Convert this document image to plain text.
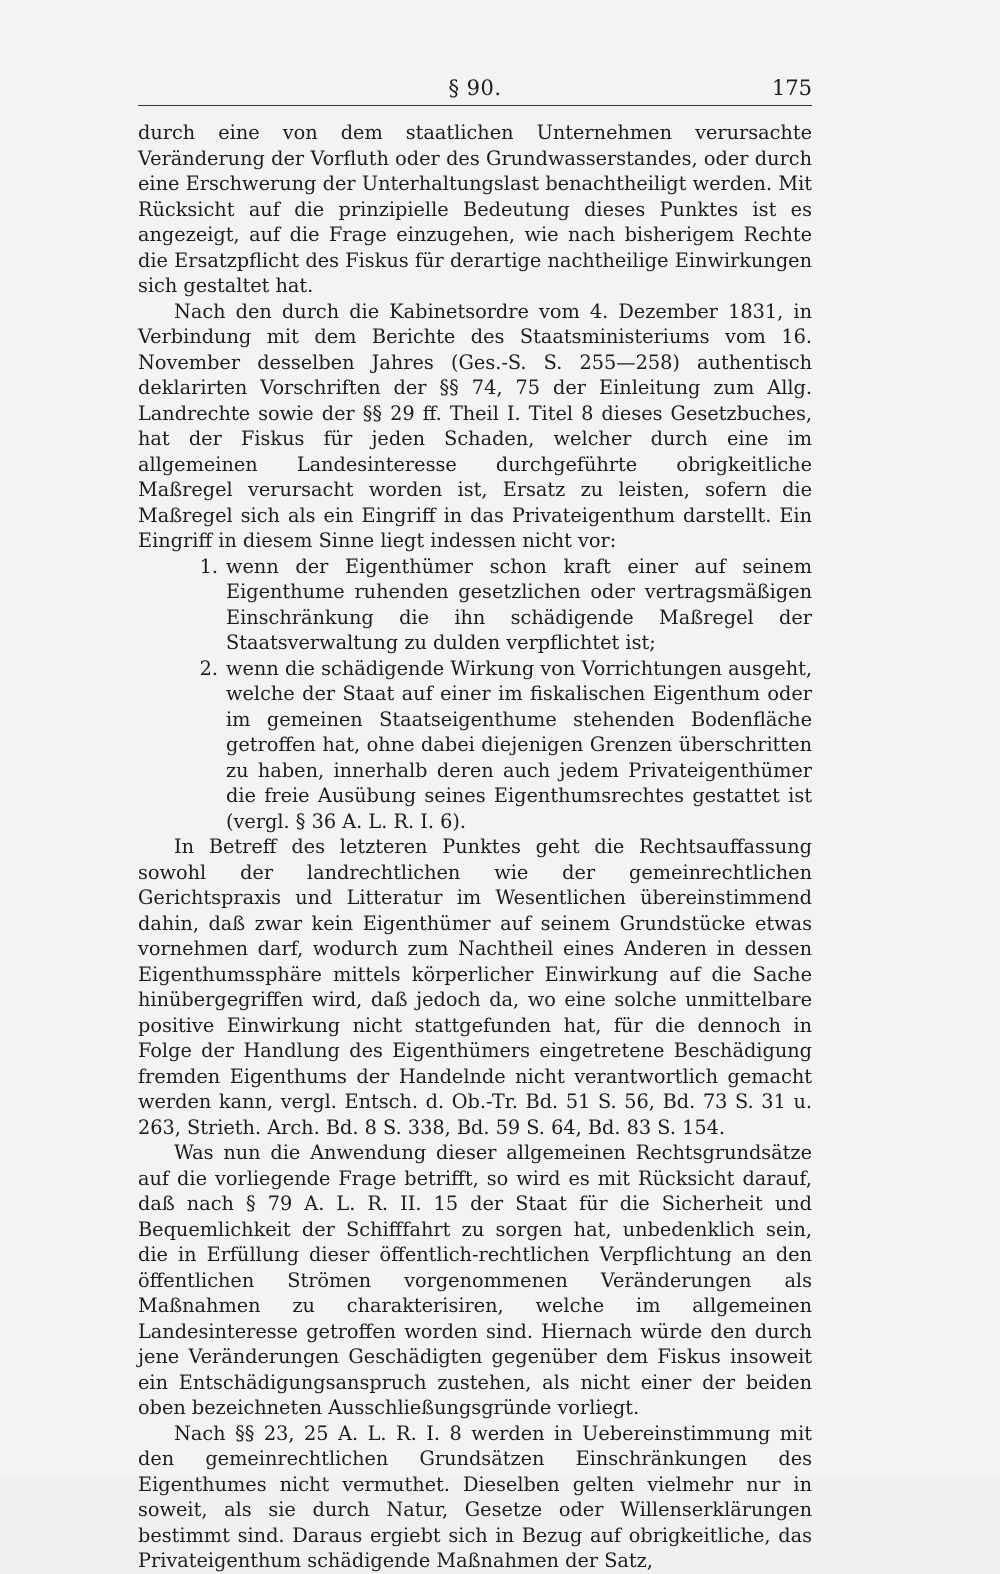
§ 90.	175

durch eine von dem staatlichen Unternehmen verursachte Veränderung der Vorfluth oder des Grundwasserstandes, oder durch eine Erschwerung der Unterhaltungslast benachtheiligt werden. Mit Rücksicht auf die prinzipielle Bedeutung dieses Punktes ist es angezeigt, auf die Frage einzugehen, wie nach bisherigem Rechte die Ersatzpflicht des Fiskus für derartige nachtheilige Einwirkungen sich gestaltet hat.

Nach den durch die Kabinetsordre vom 4. Dezember 1831, in Verbindung mit dem Berichte des Staatsministeriums vom 16. November desselben Jahres (Ges.-S. S. 255—258) authentisch deklarirten Vorschriften der §§ 74, 75 der Einleitung zum Allg. Landrechte sowie der §§ 29 ff. Theil I. Titel 8 dieses Gesetzbuches, hat der Fiskus für jeden Schaden, welcher durch eine im allgemeinen Landesinteresse durchgeführte obrigkeitliche Maßregel verursacht worden ist, Ersatz zu leisten, sofern die Maßregel sich als ein Eingriff in das Privateigenthum darstellt. Ein Eingriff in diesem Sinne liegt indessen nicht vor:

1. wenn der Eigenthümer schon kraft einer auf seinem Eigenthume ruhenden gesetzlichen oder vertragsmäßigen Einschränkung die ihn schädigende Maßregel der Staatsverwaltung zu dulden verpflichtet ist;
2. wenn die schädigende Wirkung von Vorrichtungen ausgeht, welche der Staat auf einer im fiskalischen Eigenthum oder im gemeinen Staatseigenthume stehenden Bodenfläche getroffen hat, ohne dabei diejenigen Grenzen überschritten zu haben, innerhalb deren auch jedem Privateigenthümer die freie Ausübung seines Eigenthumsrechtes gestattet ist (vergl. § 36 A. L. R. I. 6).

In Betreff des letzteren Punktes geht die Rechtsauffassung sowohl der landrechtlichen wie der gemeinrechtlichen Gerichtspraxis und Litteratur im Wesentlichen übereinstimmend dahin, daß zwar kein Eigenthümer auf seinem Grundstücke etwas vornehmen darf, wodurch zum Nachtheil eines Anderen in dessen Eigenthumssphäre mittels körperlicher Einwirkung auf die Sache hinübergegriffen wird, daß jedoch da, wo eine solche unmittelbare positive Einwirkung nicht stattgefunden hat, für die dennoch in Folge der Handlung des Eigenthümers eingetretene Beschädigung fremden Eigenthums der Handelnde nicht verantwortlich gemacht werden kann, vergl. Entsch. d. Ob.-Tr. Bd. 51 S. 56, Bd. 73 S. 31 u. 263, Strieth. Arch. Bd. 8 S. 338, Bd. 59 S. 64, Bd. 83 S. 154.

Was nun die Anwendung dieser allgemeinen Rechtsgrundsätze auf die vorliegende Frage betrifft, so wird es mit Rücksicht darauf, daß nach § 79 A. L. R. II. 15 der Staat für die Sicherheit und Bequemlichkeit der Schifffahrt zu sorgen hat, unbedenklich sein, die in Erfüllung dieser öffentlich-rechtlichen Verpflichtung an den öffentlichen Strömen vorgenommenen Veränderungen als Maßnahmen zu charakterisiren, welche im allgemeinen Landesinteresse getroffen worden sind. Hiernach würde den durch jene Veränderungen Geschädigten gegenüber dem Fiskus insoweit ein Entschädigungsanspruch zustehen, als nicht einer der beiden oben bezeichneten Ausschließungsgründe vorliegt.

Nach §§ 23, 25 A. L. R. I. 8 werden in Uebereinstimmung mit den gemeinrechtlichen Grundsätzen Einschränkungen des Eigenthumes nicht vermuthet. Dieselben gelten vielmehr nur in soweit, als sie durch Natur, Gesetze oder Willenserklärungen bestimmt sind. Daraus ergiebt sich in Bezug auf obrigkeitliche, das Privateigenthum schädigende Maßnahmen der Satz,
